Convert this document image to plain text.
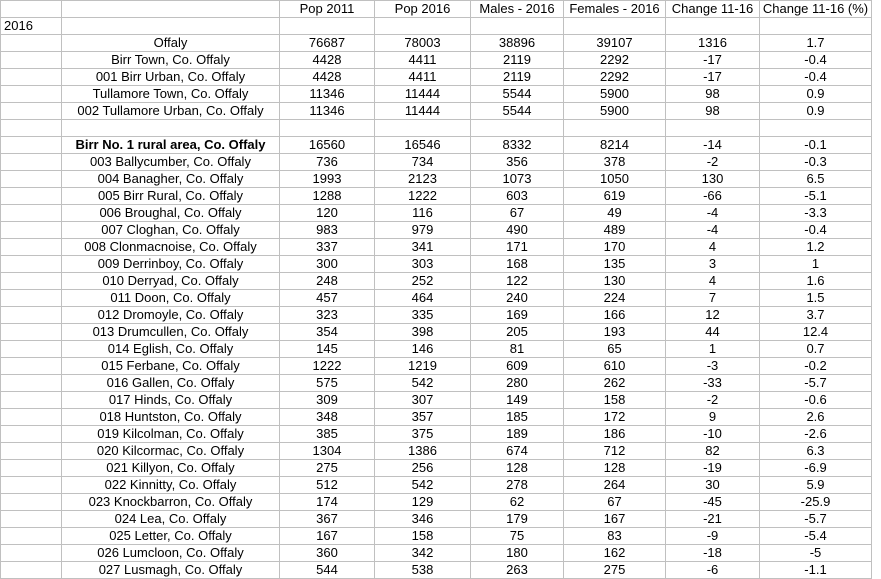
		Pop 2011	Pop 2016	Males - 2016	Females - 2016	Change 11-16	Change 11-16 (%)
2016							
	Offaly	76687	78003	38896	39107	1316	1.7
	Birr Town, Co. Offaly	4428	4411	2119	2292	-17	-0.4
	001 Birr Urban, Co. Offaly	4428	4411	2119	2292	-17	-0.4
	Tullamore Town, Co. Offaly	11346	11444	5544	5900	98	0.9
	002 Tullamore Urban, Co. Offaly	11346	11444	5544	5900	98	0.9

	Birr No. 1 rural area, Co. Offaly	16560	16546	8332	8214	-14	-0.1
	003 Ballycumber, Co. Offaly	736	734	356	378	-2	-0.3
	004 Banagher, Co. Offaly	1993	2123	1073	1050	130	6.5
	005 Birr Rural, Co. Offaly	1288	1222	603	619	-66	-5.1
	006 Broughal, Co. Offaly	120	116	67	49	-4	-3.3
	007 Cloghan, Co. Offaly	983	979	490	489	-4	-0.4
	008 Clonmacnoise, Co. Offaly	337	341	171	170	4	1.2
	009 Derrinboy, Co. Offaly	300	303	168	135	3	1
	010 Derryad, Co. Offaly	248	252	122	130	4	1.6
	011 Doon, Co. Offaly	457	464	240	224	7	1.5
	012 Dromoyle, Co. Offaly	323	335	169	166	12	3.7
	013 Drumcullen, Co. Offaly	354	398	205	193	44	12.4
	014 Eglish, Co. Offaly	145	146	81	65	1	0.7
	015 Ferbane, Co. Offaly	1222	1219	609	610	-3	-0.2
	016 Gallen, Co. Offaly	575	542	280	262	-33	-5.7
	017 Hinds, Co. Offaly	309	307	149	158	-2	-0.6
	018 Huntston, Co. Offaly	348	357	185	172	9	2.6
	019 Kilcolman, Co. Offaly	385	375	189	186	-10	-2.6
	020 Kilcormac, Co. Offaly	1304	1386	674	712	82	6.3
	021 Killyon, Co. Offaly	275	256	128	128	-19	-6.9
	022 Kinnitty, Co. Offaly	512	542	278	264	30	5.9
	023 Knockbarron, Co. Offaly	174	129	62	67	-45	-25.9
	024 Lea, Co. Offaly	367	346	179	167	-21	-5.7
	025 Letter, Co. Offaly	167	158	75	83	-9	-5.4
	026 Lumcloon, Co. Offaly	360	342	180	162	-18	-5
	027 Lusmagh, Co. Offaly	544	538	263	275	-6	-1.1
